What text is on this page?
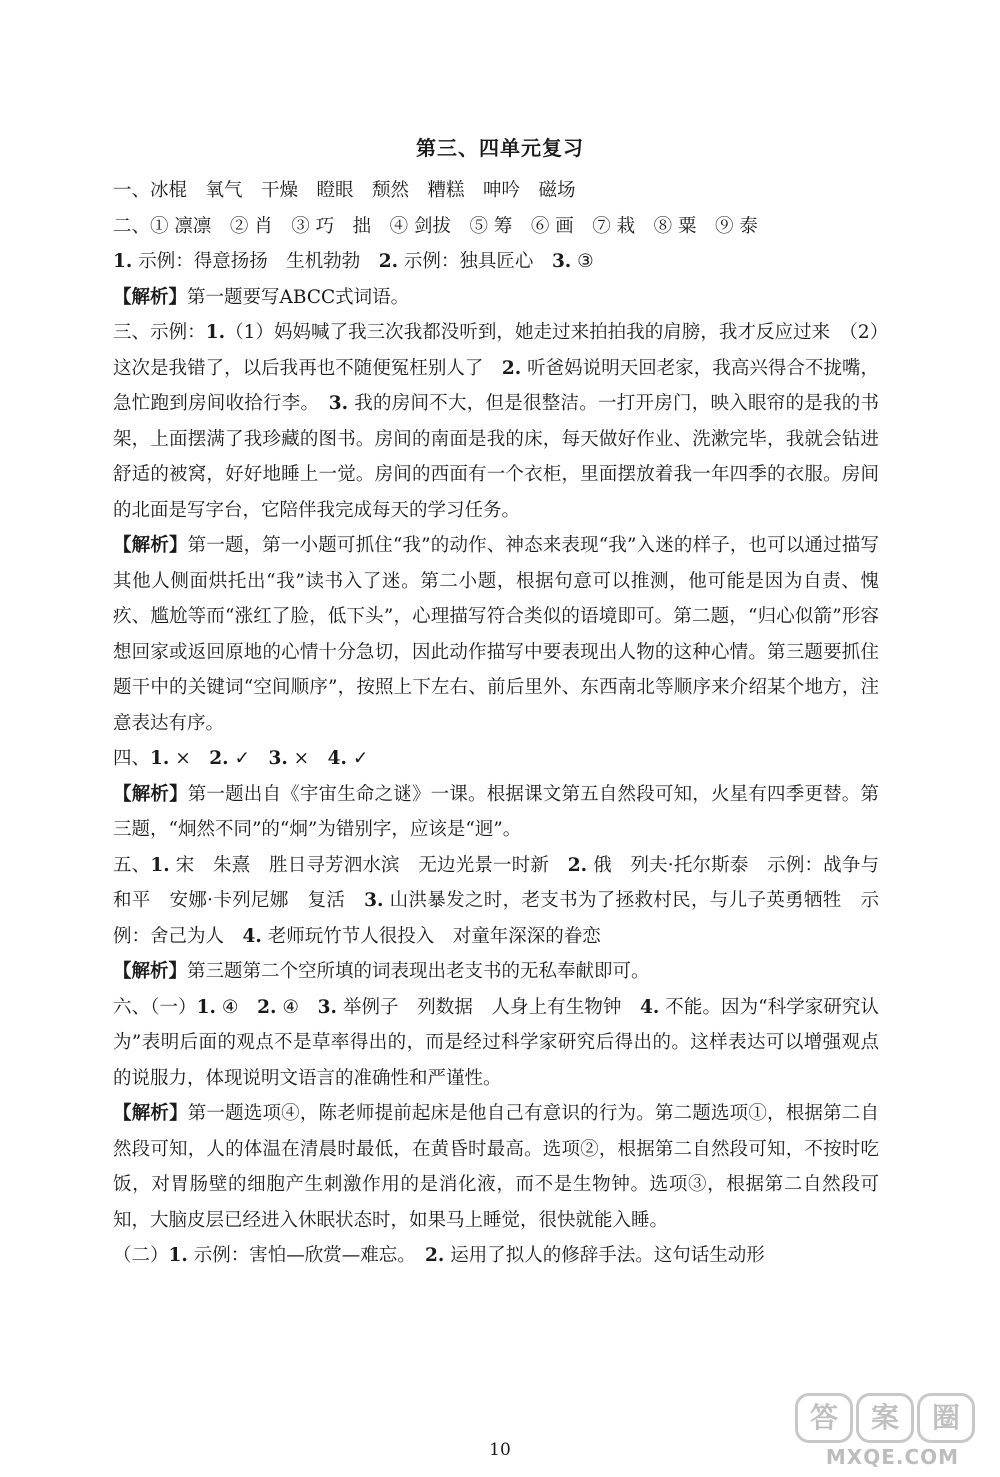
第三、四单元复习

一、冰棍　氧气　干燥　瞪眼　颓然　糟糕　呻吟　磁场

二、① 凛凛　② 肖　③ 巧　拙　④ 剑拔　⑤ 筹　⑥ 画　⑦ 栽　⑧ 粟　⑨ 泰

1. 示例：得意扬扬　生机勃勃　2. 示例：独具匠心　3. ③

【解析】第一题要写ABCC式词语。

三、示例：1.（1）妈妈喊了我三次我都没听到，她走过来拍拍我的肩膀，我才反应过来　（2）这次是我错了，以后我再也不随便冤枉别人了　2. 听爸妈说明天回老家，我高兴得合不拢嘴，急忙跑到房间收拾行李。　3. 我的房间不大，但是很整洁。一打开房门，映入眼帘的是我的书架，上面摆满了我珍藏的图书。房间的南面是我的床，每天做好作业、洗漱完毕，我就会钻进舒适的被窝，好好地睡上一觉。房间的西面有一个衣柜，里面摆放着我一年四季的衣服。房间的北面是写字台，它陪伴我完成每天的学习任务。

【解析】第一题，第一小题可抓住“我”的动作、神态来表现“我”入迷的样子，也可以通过描写其他人侧面烘托出“我”读书入了迷。第二小题，根据句意可以推测，他可能是因为自责、愧疚、尴尬等而“涨红了脸，低下头”，心理描写符合类似的语境即可。第二题，“归心似箭”形容想回家或返回原地的心情十分急切，因此动作描写中要表现出人物的这种心情。第三题要抓住题干中的关键词“空间顺序”，按照上下左右、前后里外、东西南北等顺序来介绍某个地方，注意表达有序。

四、1. ×　2. ✓　3. ×　4. ✓

【解析】第一题出自《宇宙生命之谜》一课。根据课文第五自然段可知，火星有四季更替。第三题，“炯然不同”的“炯”为错别字，应该是“迥”。

五、1. 宋　朱熹　胜日寻芳泗水滨　无边光景一时新　2. 俄　列夫·托尔斯泰　示例：战争与和平　安娜·卡列尼娜　复活　3. 山洪暴发之时，老支书为了拯救村民，与儿子英勇牺牲　示例：舍己为人　4. 老师玩竹节人很投入　对童年深深的眷恋

【解析】第三题第二个空所填的词表现出老支书的无私奉献即可。

六、（一）1. ④　2. ④　3. 举例子　列数据　人身上有生物钟　4. 不能。因为“科学家研究认为”表明后面的观点不是草率得出的，而是经过科学家研究后得出的。这样表达可以增强观点的说服力，体现说明文语言的准确性和严谨性。

【解析】第一题选项④，陈老师提前起床是他自己有意识的行为。第二题选项①，根据第二自然段可知，人的体温在清晨时最低，在黄昏时最高。选项②，根据第二自然段可知，不按时吃饭，对胃肠壁的细胞产生刺激作用的是消化液，而不是生物钟。选项③，根据第二自然段可知，大脑皮层已经进入休眠状态时，如果马上睡觉，很快就能入睡。

（二）1. 示例：害怕—欣赏—难忘。　2. 运用了拟人的修辞手法。这句话生动形

10
答 案 圈
MXQE.COM
